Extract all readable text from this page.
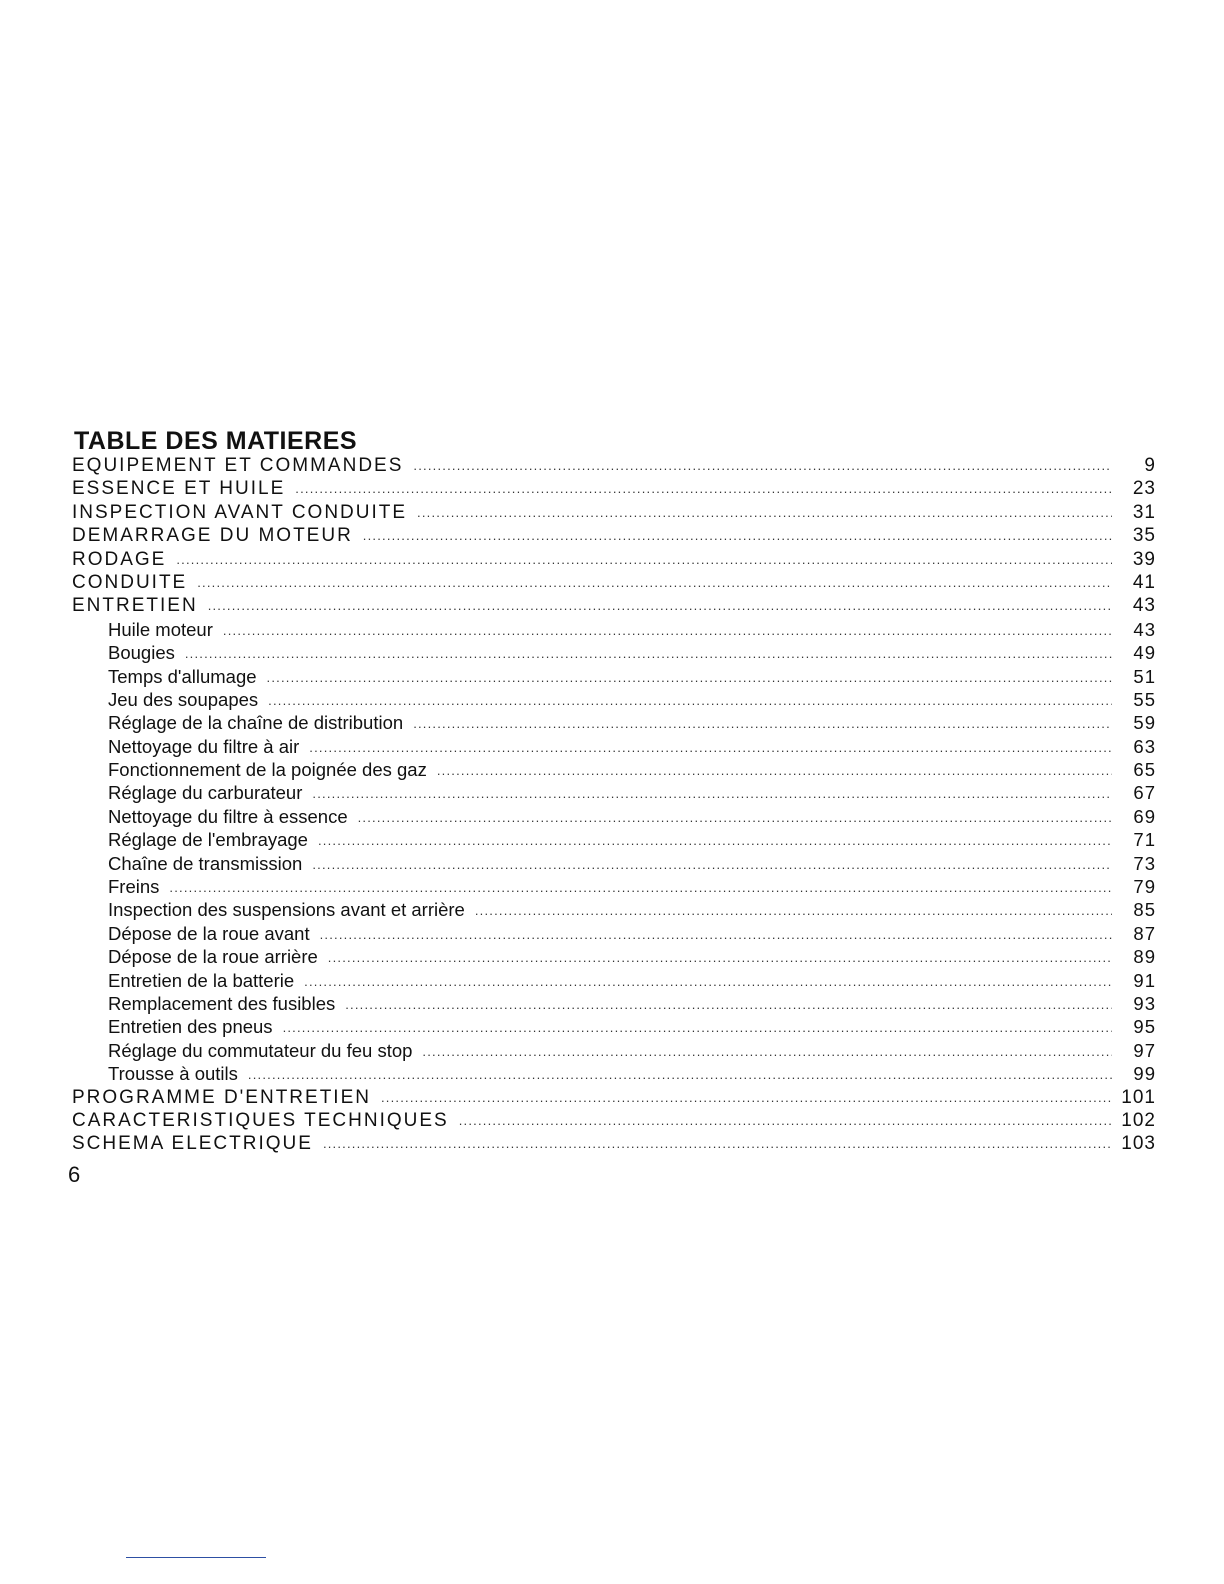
TABLE DES MATIERES
EQUIPEMENT ET COMMANDES .....	9
ESSENCE ET HUILE .....	23
INSPECTION AVANT CONDUITE .....	31
DEMARRAGE DU MOTEUR .....	35
RODAGE .....	39
CONDUITE .....	41
ENTRETIEN .....	43
Huile moteur .....	43
Bougies .....	49
Temps d'allumage .....	51
Jeu des soupapes .....	55
Réglage de la chaîne de distribution .....	59
Nettoyage du filtre à air .....	63
Fonctionnement de la poignée des gaz .....	65
Réglage du carburateur .....	67
Nettoyage du filtre à essence .....	69
Réglage de l'embrayage .....	71
Chaîne de transmission .....	73
Freins .....	79
Inspection des suspensions avant et arrière .....	85
Dépose de la roue avant .....	87
Dépose de la roue arrière .....	89
Entretien de la batterie .....	91
Remplacement des fusibles .....	93
Entretien des pneus .....	95
Réglage du commutateur du feu stop .....	97
Trousse à outils .....	99
PROGRAMME D'ENTRETIEN .....	101
CARACTERISTIQUES TECHNIQUES .....	102
SCHEMA ELECTRIQUE .....	103
6
